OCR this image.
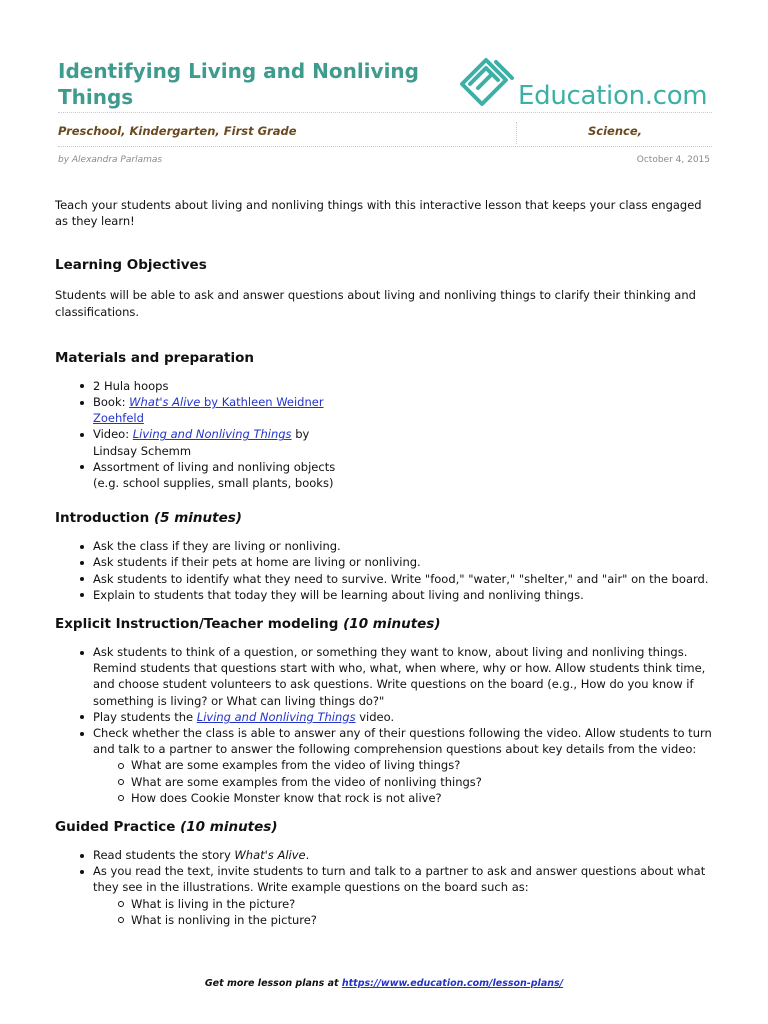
Identifying Living and Nonliving
Things	Education.com
Preschool, Kindergarten, First Grade	Science,
by Alexandra Parlamas	October 4, 2015

Teach your students about living and nonliving things with this interactive lesson that keeps your class engaged as they learn!

Learning Objectives

Students will be able to ask and answer questions about living and nonliving things to clarify their thinking and classifications.

Materials and preparation
2 Hula hoops
Book: What's Alive by Kathleen Weidner Zoehfeld
Video: Living and Nonliving Things by Lindsay Schemm
Assortment of living and nonliving objects (e.g. school supplies, small plants, books)
Introduction (5 minutes)
Ask the class if they are living or nonliving.
Ask students if their pets at home are living or nonliving.
Ask students to identify what they need to survive. Write "food," "water," "shelter," and "air" on the board.
Explain to students that today they will be learning about living and nonliving things.
Explicit Instruction/Teacher modeling (10 minutes)
Ask students to think of a question, or something they want to know, about living and nonliving things. Remind students that questions start with who, what, when where, why or how. Allow students think time, and choose student volunteers to ask questions. Write questions on the board (e.g., How do you know if something is living? or What can living things do?"
Play students the Living and Nonliving Things video.
Check whether the class is able to answer any of their questions following the video. Allow students to turn and talk to a partner to answer the following comprehension questions about key details from the video:
What are some examples from the video of living things?
What are some examples from the video of nonliving things?
How does Cookie Monster know that rock is not alive?
Guided Practice (10 minutes)
Read students the story What's Alive.
As you read the text, invite students to turn and talk to a partner to ask and answer questions about what they see in the illustrations. Write example questions on the board such as:
What is living in the picture?
What is nonliving in the picture?
Get more lesson plans at https://www.education.com/lesson-plans/
